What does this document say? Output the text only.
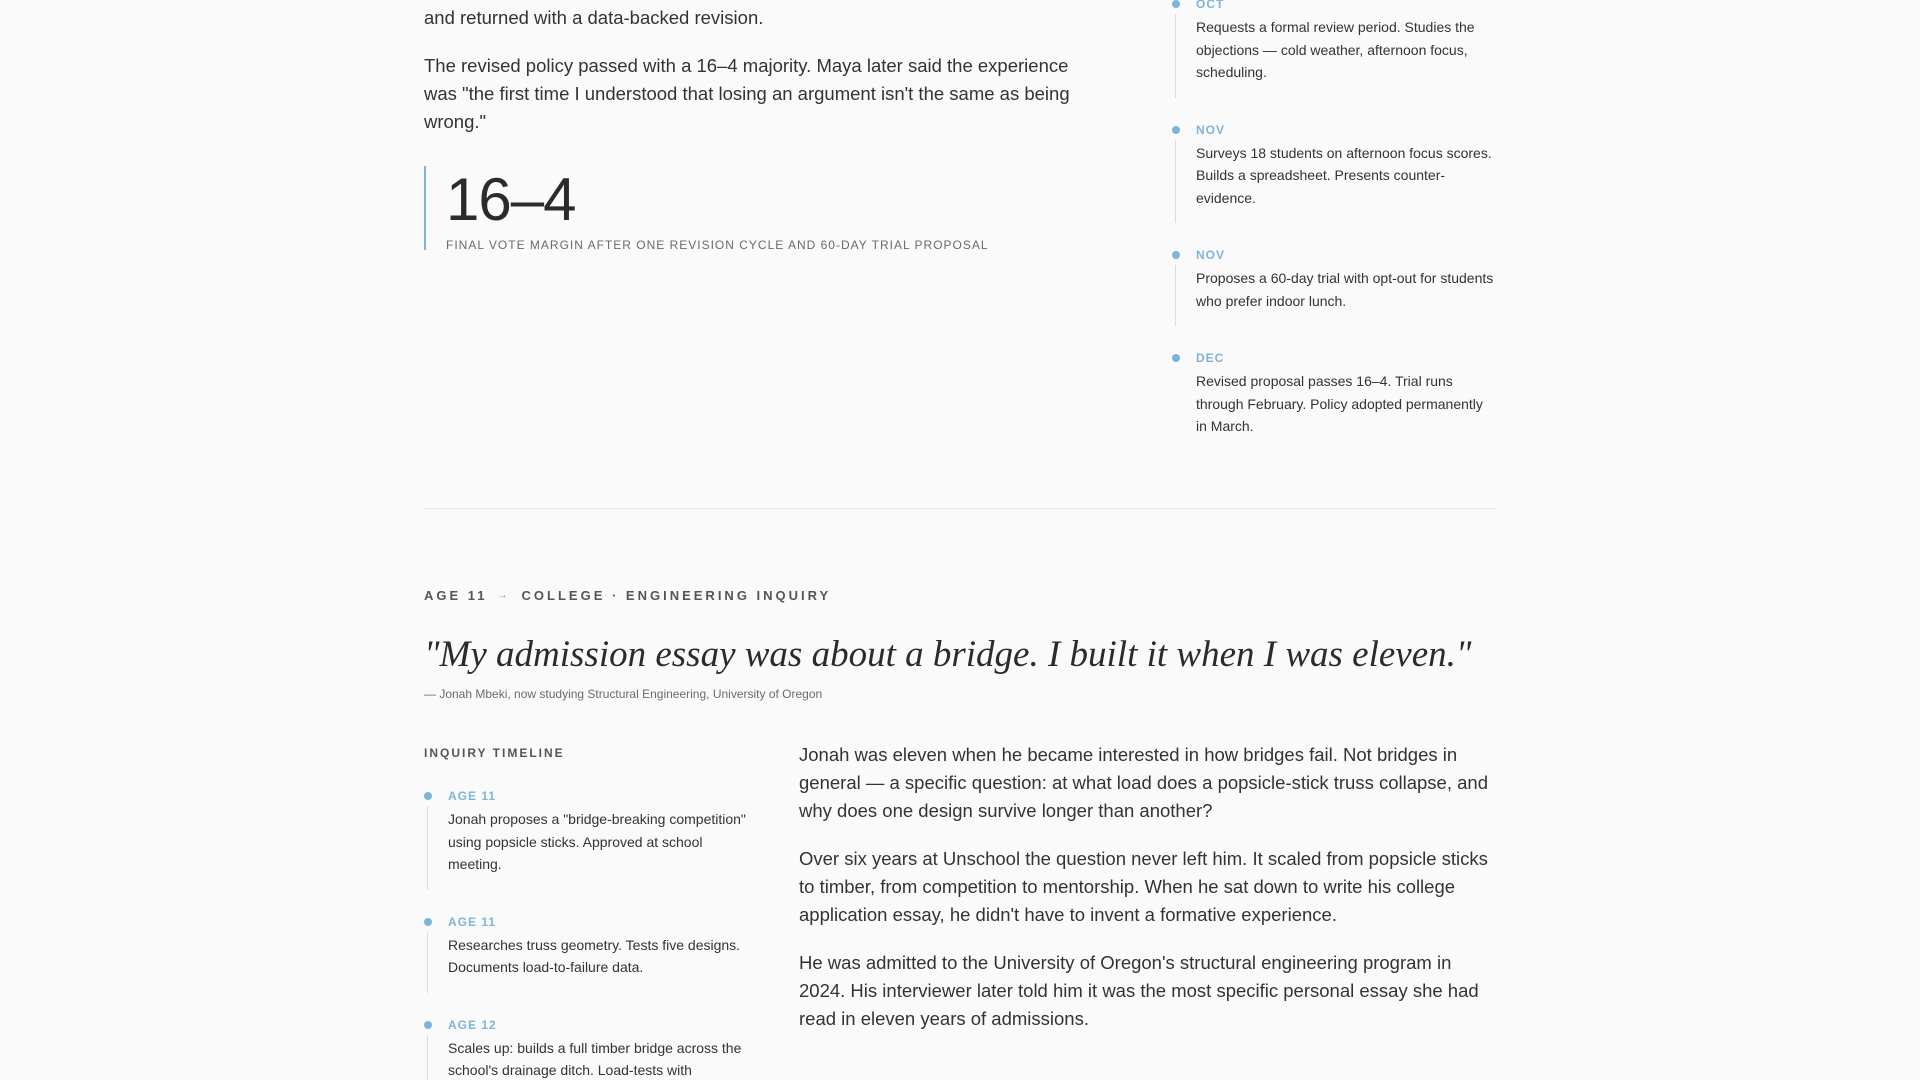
and returned with a data-backed revision.

The revised policy passed with a 16–4 majority. Maya later said the experience was "the first time I understood that losing an argument isn't the same as being wrong."

16–4
FINAL VOTE MARGIN AFTER ONE REVISION CYCLE AND 60-DAY TRIAL PROPOSAL
OCT
Requests a formal review period. Studies the objections — cold weather, afternoon focus, scheduling.
NOV
Surveys 18 students on afternoon focus scores. Builds a spreadsheet. Presents counter-evidence.
NOV
Proposes a 60-day trial with opt-out for students who prefer indoor lunch.
DEC
Revised proposal passes 16–4. Trial runs through February. Policy adopted permanently in March.
AGE 11 → COLLEGE · ENGINEERING INQUIRY
"My admission essay was about a bridge. I built it when I was eleven."
— Jonah Mbeki, now studying Structural Engineering, University of Oregon
INQUIRY TIMELINE
AGE 11
Jonah proposes a "bridge-breaking competition" using popsicle sticks. Approved at school meeting.
AGE 11
Researches truss geometry. Tests five designs. Documents load-to-failure data.
AGE 12
Scales up: builds a full timber bridge across the school's drainage ditch. Load-tests with

Jonah was eleven when he became interested in how bridges fail. Not bridges in general — a specific question: at what load does a popsicle-stick truss collapse, and why does one design survive longer than another?

Over six years at Unschool the question never left him. It scaled from popsicle sticks to timber, from competition to mentorship. When he sat down to write his college application essay, he didn't have to invent a formative experience.

He was admitted to the University of Oregon's structural engineering program in 2024. His interviewer later told him it was the most specific personal essay she had read in eleven years of admissions.
